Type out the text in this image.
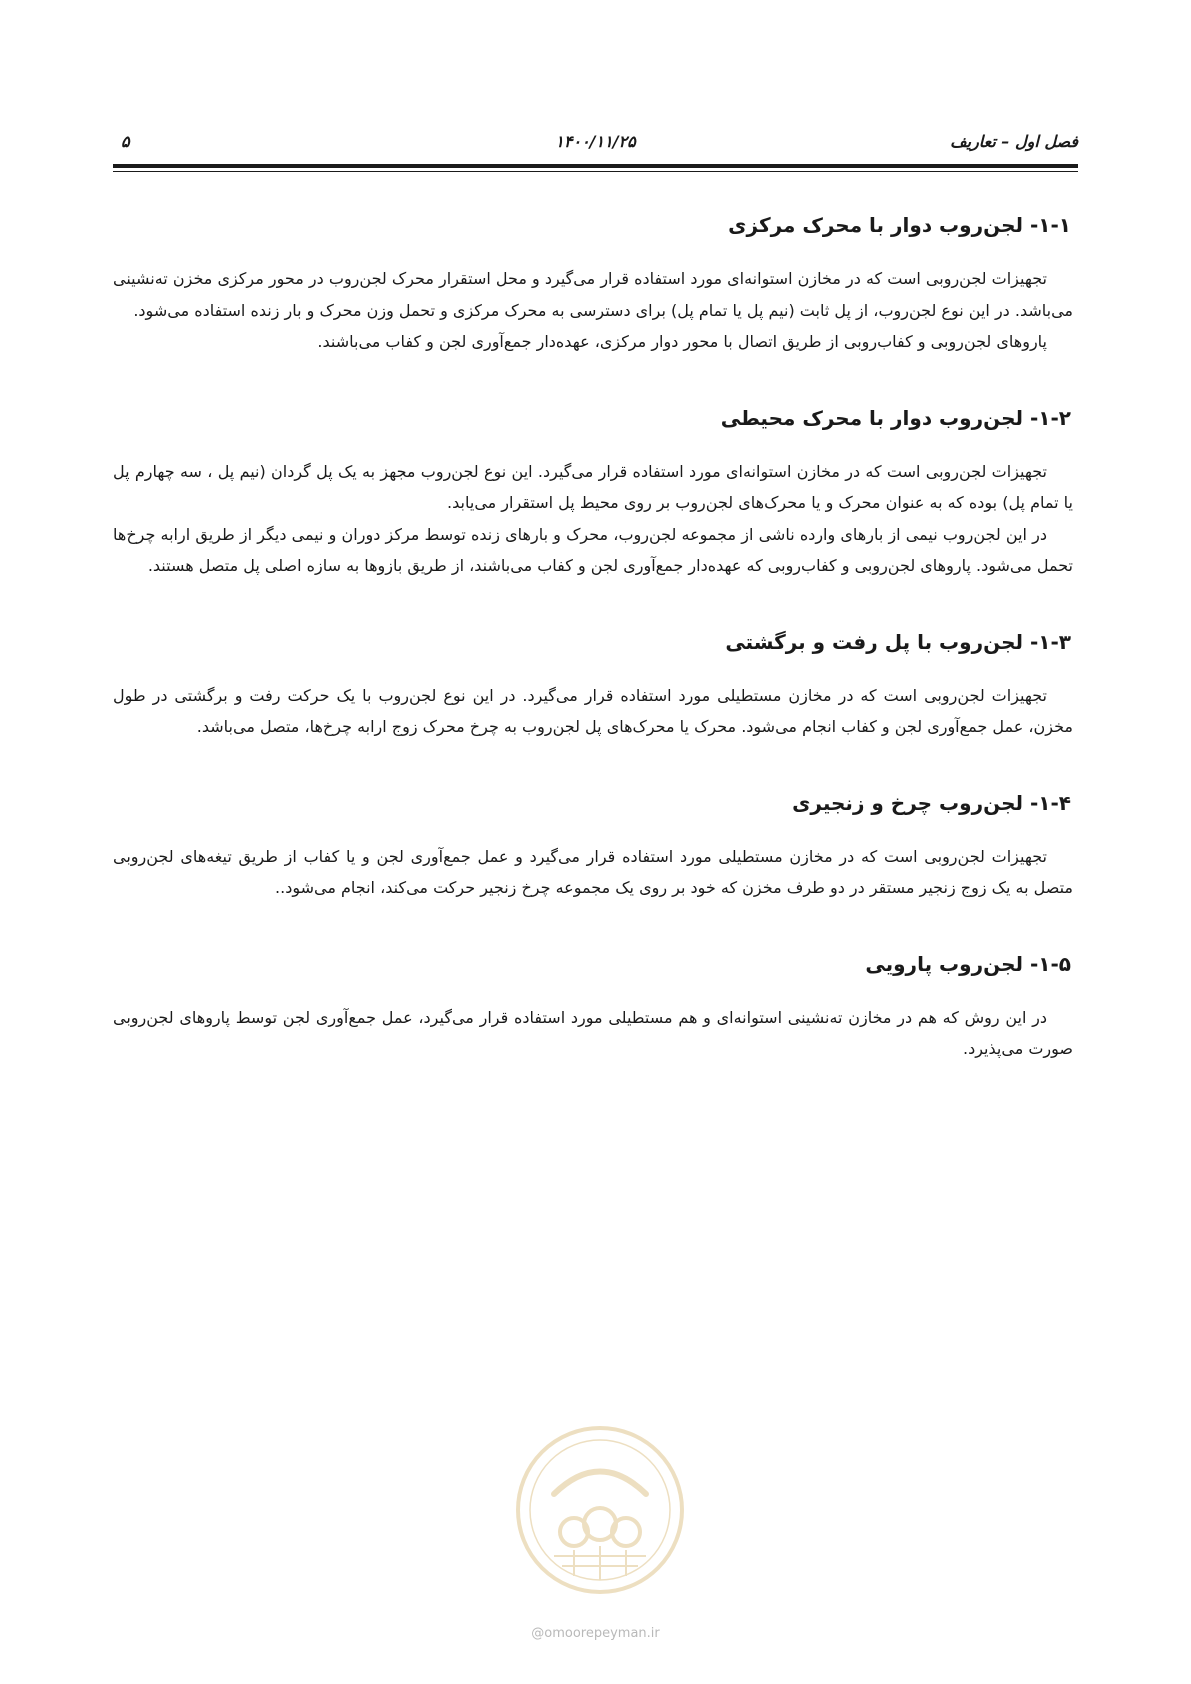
فصل اول – تعاریف
۱۴۰۰/۱۱/۲۵
۵
۱-۱- لجن‌روب دوار با محرک مرکزی

تجهیزات لجن‌روبی است که در مخازن استوانه‌ای مورد استفاده قرار می‌گیرد و محل استقرار محرک لجن‌روب در محور مرکزی مخزن ته‌نشینی می‌باشد. در این نوع لجن‌روب، از پل ثابت (نیم پل یا تمام پل) برای دسترسی به محرک مرکزی و تحمل وزن محرک و بار زنده استفاده می‌شود.

پاروهای لجن‌روبی و کفاب‌روبی از طریق اتصال با محور دوار مرکزی، عهده‌دار جمع‌آوری لجن و کفاب می‌باشند.

۱-۲- لجن‌روب دوار با محرک محیطی

تجهیزات لجن‌روبی است که در مخازن استوانه‌ای مورد استفاده قرار می‌گیرد. این نوع لجن‌روب مجهز به یک پل گردان (نیم پل ، سه چهارم پل یا تمام پل) بوده که به عنوان محرک و یا محرک‌های لجن‌روب بر روی محیط پل استقرار می‌یابد.

در این لجن‌روب نیمی از بارهای وارده ناشی از مجموعه لجن‌روب، محرک و بارهای زنده توسط مرکز دوران و نیمی دیگر از طریق ارابه چرخ‌ها تحمل می‌شود. پاروهای لجن‌روبی و کفاب‌روبی که عهده‌دار جمع‌آوری لجن و کفاب می‌باشند، از طریق بازوها به سازه اصلی پل متصل هستند.

۱-۳- لجن‌روب با پل رفت و برگشتی

تجهیزات لجن‌روبی است که در مخازن مستطیلی مورد استفاده قرار می‌گیرد. در این نوع لجن‌روب با یک حرکت رفت و برگشتی در طول مخزن، عمل جمع‌آوری لجن و کفاب انجام می‌شود. محرک یا محرک‌های پل لجن‌روب به چرخ محرک زوج ارابه چرخ‌ها، متصل می‌باشد.

۱-۴- لجن‌روب چرخ و زنجیری

تجهیزات لجن‌روبی است که در مخازن مستطیلی مورد استفاده قرار می‌گیرد و عمل جمع‌آوری لجن و یا کفاب از طریق تیغه‌های لجن‌روبی متصل به یک زوج زنجیر مستقر در دو طرف مخزن که خود بر روی یک مجموعه چرخ زنجیر حرکت می‌کند، انجام می‌شود..

۱-۵- لجن‌روب پارویی

در این روش که هم در مخازن ته‌نشینی استوانه‌ای و هم مستطیلی مورد استفاده قرار می‌گیرد، عمل جمع‌آوری لجن توسط پاروهای لجن‌روبی صورت می‌پذیرد.

@omoorepeyman.ir
